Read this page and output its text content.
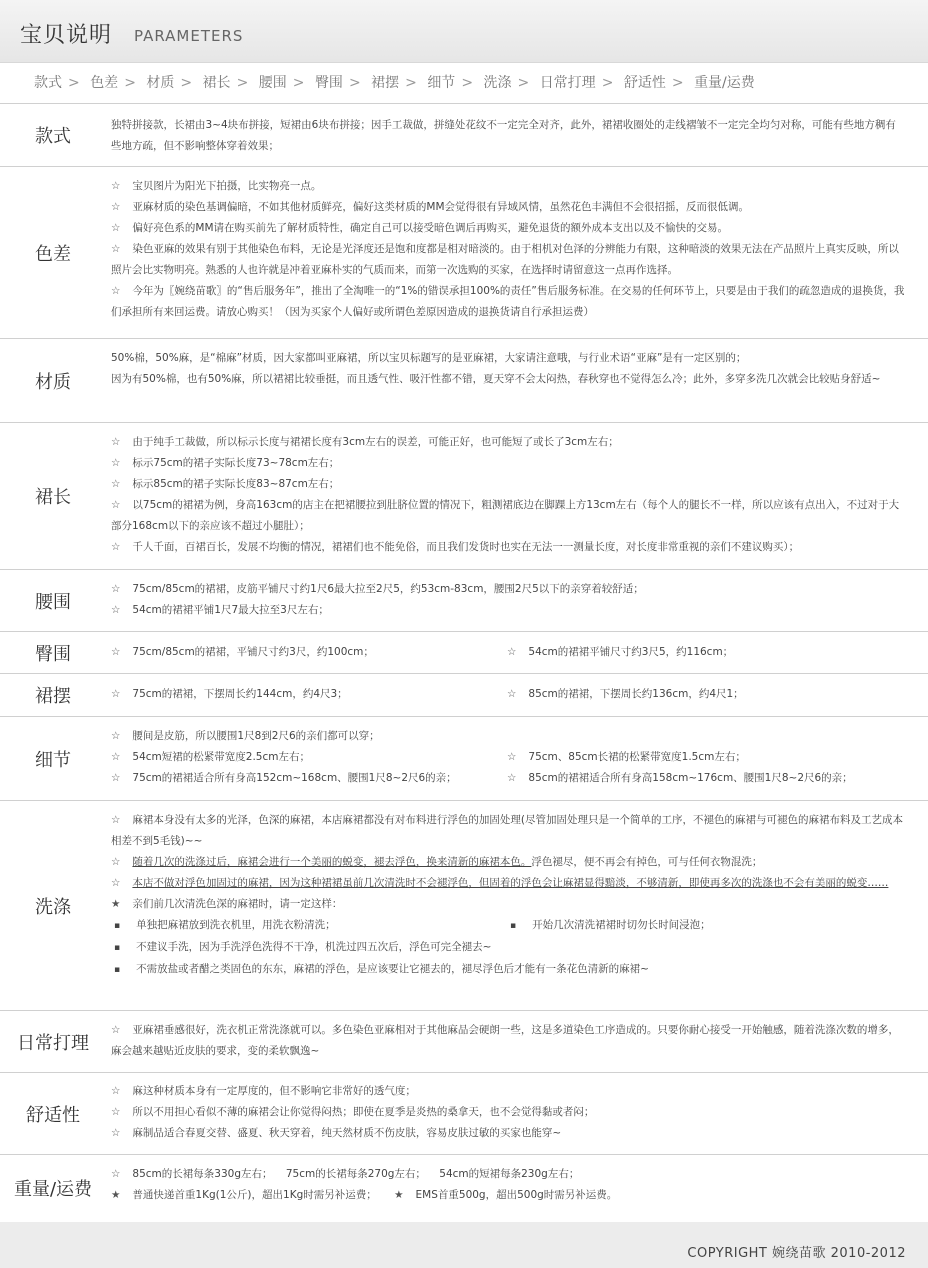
宝贝说明 PARAMETERS
款式 > 色差 > 材质 > 裙长 > 腰围 > 臀围 > 裙摆 > 细节 > 洗涤 > 日常打理 > 舒适性 > 重量/运费
款式
独特拼接款，长裙由3~4块布拼接，短裙由6块布拼接；因手工裁做，拼缝处花纹不一定完全对齐，此外，裙裙收圈处的走线褶皱不一定完全均匀对称，可能有些地方稠有些地方疏，但不影响整体穿着效果；
色差
☆ 宝贝图片为阳光下拍摄，比实物亮一点。
☆ 亚麻材质的染色基调偏暗，不如其他材质鲜亮，偏好这类材质的MM会觉得很有异域风情，虽然花色丰满但不会很招摇，反而很低调。
☆ 偏好亮色系的MM请在购买前先了解材质特性，确定自己可以接受暗色调后再购买，避免退货的额外成本支出以及不愉快的交易。
☆ 染色亚麻的效果有别于其他染色布料，无论是光泽度还是饱和度都是相对暗淡的。由于相机对色泽的分辨能力有限，这种暗淡的效果无法在产品照片上真实反映，所以照片会比实物明亮。熟悉的人也许就是冲着亚麻朴实的气质而来，而第一次选购的买家，在选择时请留意这一点再作选择。
☆ 今年为〖婉绕苗歌〗的“售后服务年”，推出了全淘唯一的“1%的错误承担100%的责任”售后服务标准。在交易的任何环节上，只要是由于我们的疏忽造成的退换货，我们承担所有来回运费。请放心购买！（因为买家个人偏好或所谓色差原因造成的退换货请自行承担运费）
材质
50%棉，50%麻，是“棉麻”材质，因大家都叫亚麻裙，所以宝贝标题写的是亚麻裙，大家请注意哦，与行业术语“亚麻”是有一定区别的；
因为有50%棉，也有50%麻，所以裙裙比较垂挺，而且透气性、吸汗性都不错，夏天穿不会太闷热，春秋穿也不觉得怎么冷；此外，多穿多洗几次就会比较贴身舒适~
裙长
☆ 由于纯手工裁做，所以标示长度与裙裙长度有3cm左右的误差，可能正好，也可能短了或长了3cm左右；
☆ 标示75cm的裙子实际长度73~78cm左右；
☆ 标示85cm的裙子实际长度83~87cm左右；
☆ 以75cm的裙裙为例，身高163cm的店主在把裙腰拉到肚脐位置的情况下，粗测裙底边在脚踝上方13cm左右（每个人的腿长不一样，所以应该有点出入，不过对于大部分168cm以下的亲应该不超过小腿肚）；
☆ 千人千面，百裙百长，发展不均衡的情况，裙裙们也不能免俗，而且我们发货时也实在无法一一测量长度，对长度非常重视的亲们不建议购买）；
腰围
☆ 75cm/85cm的裙裙，皮筋平铺尺寸约1尺6最大拉至2尺5，约53cm-83cm，腰围2尺5以下的亲穿着较舒适；
☆ 54cm的裙裙平铺1尺7最大拉至3尺左右；
臀围	☆ 75cm/85cm的裙裙，平铺尺寸约3尺，约100cm；	☆ 54cm的裙裙平铺尺寸约3尺5，约116cm；
裙摆	☆ 75cm的裙裙，下摆周长约144cm，约4尺3；	☆ 85cm的裙裙，下摆周长约136cm，约4尺1；
细节
☆ 腰间是皮筋，所以腰围1尺8到2尺6的亲们都可以穿；
☆ 54cm短裙的松紧带宽度2.5cm左右；	☆ 75cm、85cm长裙的松紧带宽度1.5cm左右；
☆ 75cm的裙裙适合所有身高152cm~168cm、腰围1尺8~2尺6的亲；	☆ 85cm的裙裙适合所有身高158cm~176cm、腰围1尺8~2尺6的亲；
洗涤
☆ 麻裙本身没有太多的光泽，色深的麻裙，本店麻裙都没有对布料进行浮色的加固处理(尽管加固处理只是一个简单的工序，不褪色的麻裙与可褪色的麻裙布料及工艺成本相差不到5毛钱)~~
☆ 随着几次的洗涤过后，麻裙会进行一个美丽的蜕变，褪去浮色，换来清新的麻裙本色。浮色褪尽，便不再会有掉色，可与任何衣物混洗；
☆ 本店不做对浮色加固过的麻裙，因为这种裙裙虽前几次清洗时不会褪浮色，但固着的浮色会让麻裙显得黯淡，不够清新，即使再多次的洗涤也不会有美丽的蜕变……
★ 亲们前几次清洗色深的麻裙时，请一定这样：
▪ 单独把麻裙放到洗衣机里，用洗衣粉清洗；	▪ 开始几次清洗裙裙时切勿长时间浸泡；
▪ 不建议手洗，因为手洗浮色洗得不干净，机洗过四五次后，浮色可完全褪去~
▪ 不需放盐或者醋之类固色的东东，麻裙的浮色，是应该要让它褪去的，褪尽浮色后才能有一条花色清新的麻裙~
日常打理
☆ 亚麻裙垂感很好，洗衣机正常洗涤就可以。多色染色亚麻相对于其他麻品会硬朗一些，这是多道染色工序造成的。只要你耐心接受一开始触感，随着洗涤次数的增多，麻会越来越贴近皮肤的要求，变的柔软飘逸~
舒适性
☆ 麻这种材质本身有一定厚度的，但不影响它非常好的透气度；
☆ 所以不用担心看似不薄的麻裙会让你觉得闷热；即使在夏季是炎热的桑拿天，也不会觉得黏或者闷；
☆ 麻制品适合春夏交替、盛夏、秋天穿着，纯天然材质不伤皮肤，容易皮肤过敏的买家也能穿~
重量/运费
☆ 85cm的长裙每条330g左右； 75cm的长裙每条270g左右； 54cm的短裙每条230g左右；
★ 普通快递首重1Kg(1公斤)，超出1Kg时需另补运费； ★ EMS首重500g，超出500g时需另补运费。
COPYRIGHT 婉绕苗歌 2010-2012
